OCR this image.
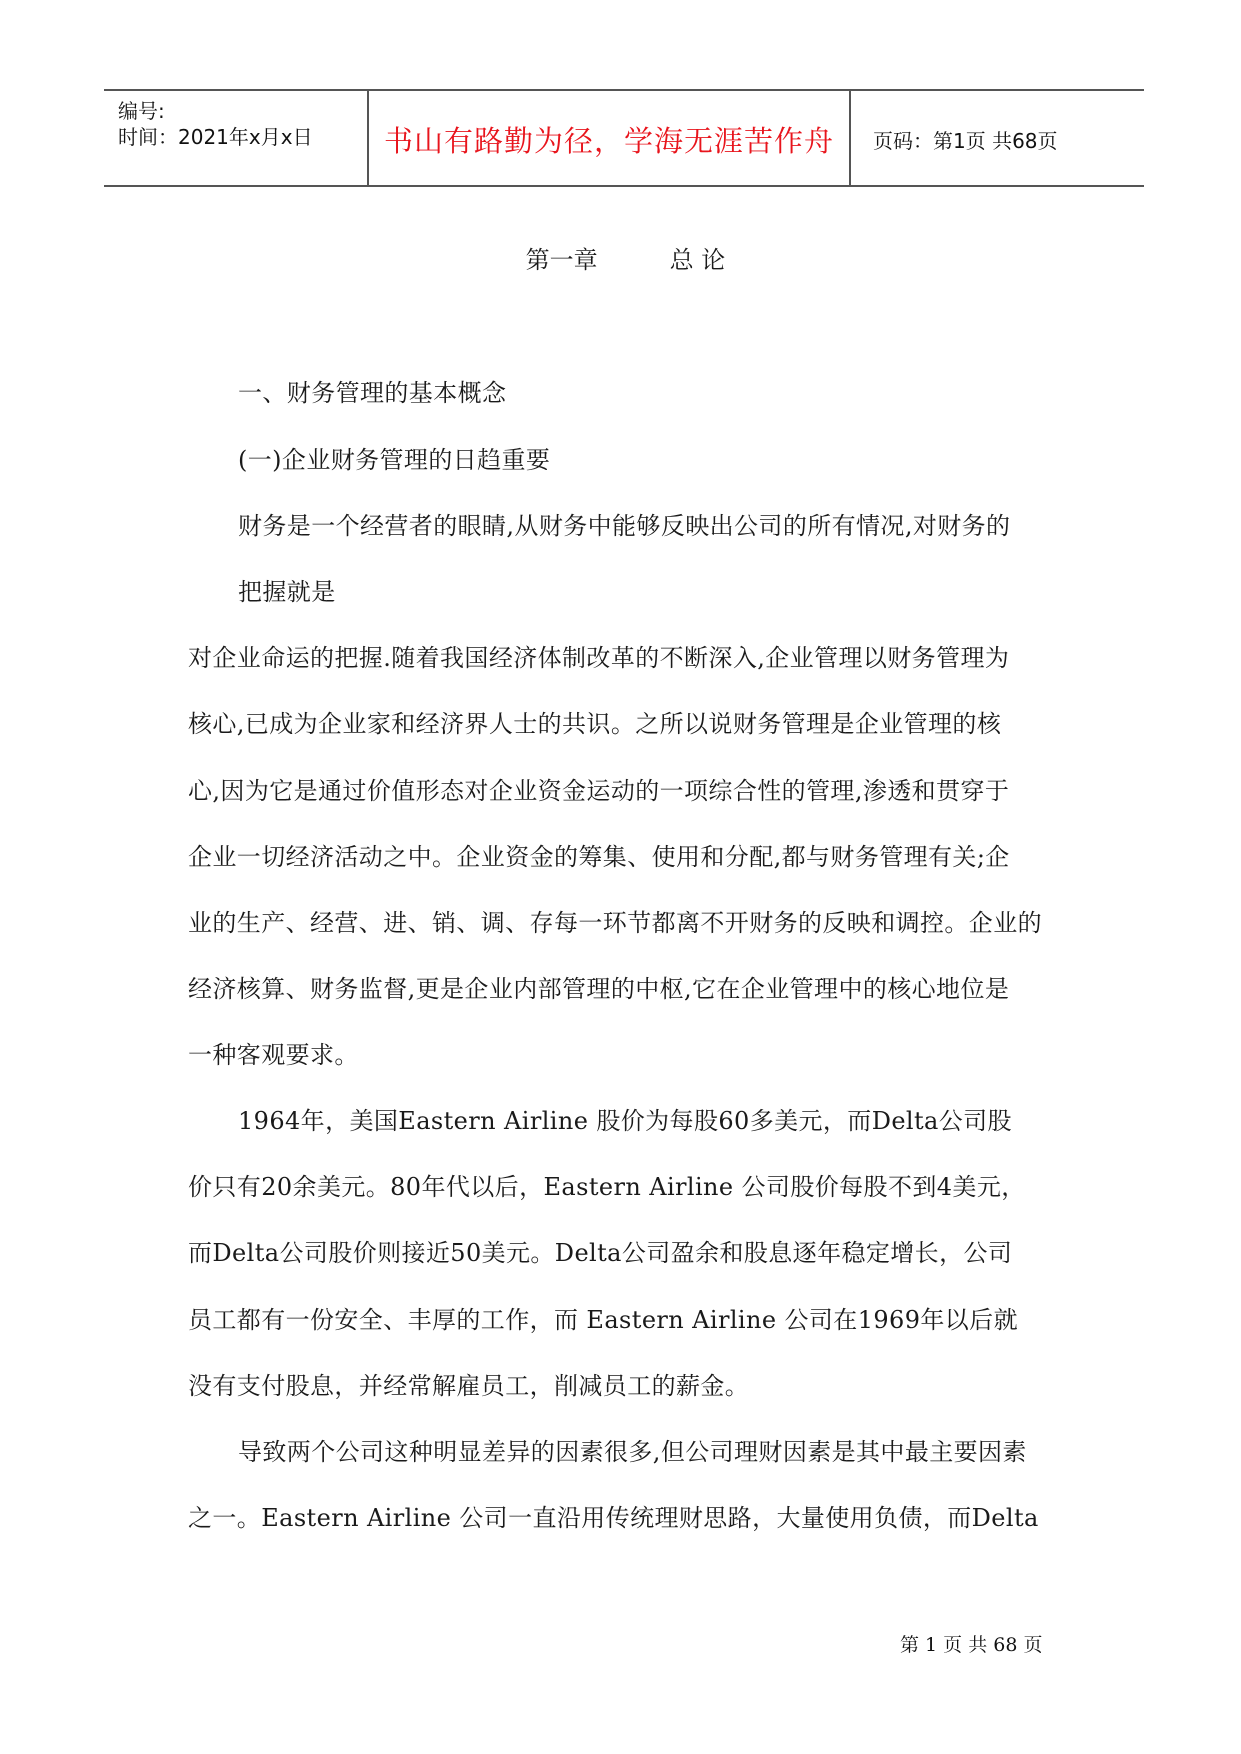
编号:
时间：2021年x月x日	书山有路勤为径，学海无涯苦作舟	页码：第1页 共68页
第一章	总 论
一、财务管理的基本概念
(一)企业财务管理的日趋重要
财务是一个经营者的眼睛,从财务中能够反映出公司的所有情况,对财务的
把握就是
对企业命运的把握.随着我国经济体制改革的不断深入,企业管理以财务管理为
核心,已成为企业家和经济界人士的共识。之所以说财务管理是企业管理的核
心,因为它是通过价值形态对企业资金运动的一项综合性的管理,渗透和贯穿于
企业一切经济活动之中。企业资金的筹集、使用和分配,都与财务管理有关;企
业的生产、经营、进、销、调、存每一环节都离不开财务的反映和调控。企业的
经济核算、财务监督,更是企业内部管理的中枢,它在企业管理中的核心地位是
一种客观要求。
1964年，美国Eastern Airline 股价为每股60多美元，而Delta公司股
价只有20余美元。80年代以后，Eastern Airline 公司股价每股不到4美元，
而Delta公司股价则接近50美元。Delta公司盈余和股息逐年稳定增长，公司
员工都有一份安全、丰厚的工作，而 Eastern Airline 公司在1969年以后就
没有支付股息，并经常解雇员工，削减员工的薪金。
导致两个公司这种明显差异的因素很多,但公司理财因素是其中最主要因素
之一。Eastern Airline 公司一直沿用传统理财思路，大量使用负债，而Delta
第 1 页 共 68 页
